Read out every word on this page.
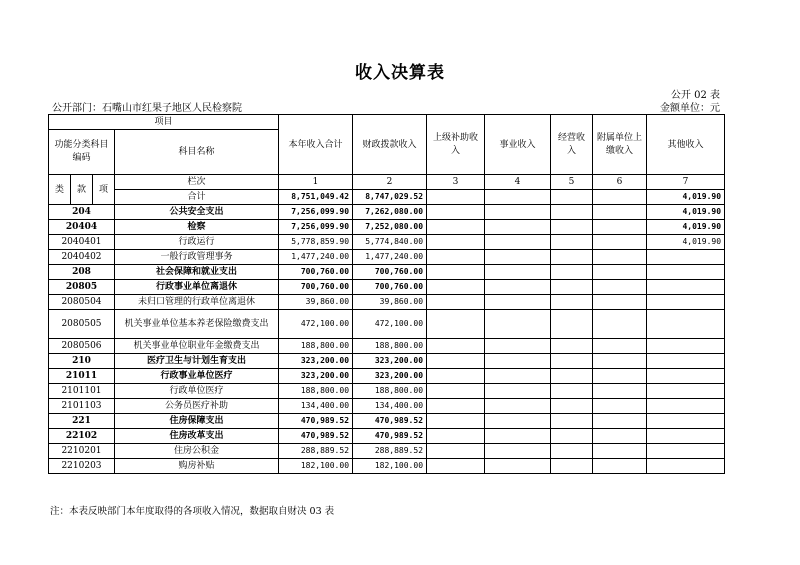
收入决算表
公开 02 表
公开部门：石嘴山市红果子地区人民检察院	金额单位：元
项目				本年收入合计	财政拨款收入	上级补助收入	事业收入	经营收入	附属单位上缴收入	其他收入
功能分类科目编码			科目名称							

类	款	项	栏次	1	2	3	4	5	6	7
			合计	8,751,049.42	8,747,029.52					4,019.90
204			公共安全支出	7,256,099.90	7,262,080.00					4,019.90
20404			检察	7,256,099.90	7,252,080.00					4,019.90
2040401			行政运行	5,778,859.90	5,774,840.00					4,019.90
2040402			一般行政管理事务	1,477,240.00	1,477,240.00					
208			社会保障和就业支出	700,760.00	700,760.00					
20805			行政事业单位离退休	700,760.00	700,760.00					
2080504			未归口管理的行政单位离退休	39,860.00	39,860.00					
2080505			机关事业单位基本养老保险缴费支出	472,100.00	472,100.00					
2080506			机关事业单位职业年金缴费支出	188,800.00	188,800.00					
210			医疗卫生与计划生育支出	323,200.00	323,200.00					
21011			行政事业单位医疗	323,200.00	323,200.00					
2101101			行政单位医疗	188,800.00	188,800.00					
2101103			公务员医疗补助	134,400.00	134,400.00					
221			住房保障支出	470,989.52	470,989.52					
22102			住房改革支出	470,989.52	470,989.52					
2210201			住房公积金	288,889.52	288,889.52					
2210203			购房补贴	182,100.00	182,100.00					
注：本表反映部门本年度取得的各项收入情况，数据取自财决 03 表
